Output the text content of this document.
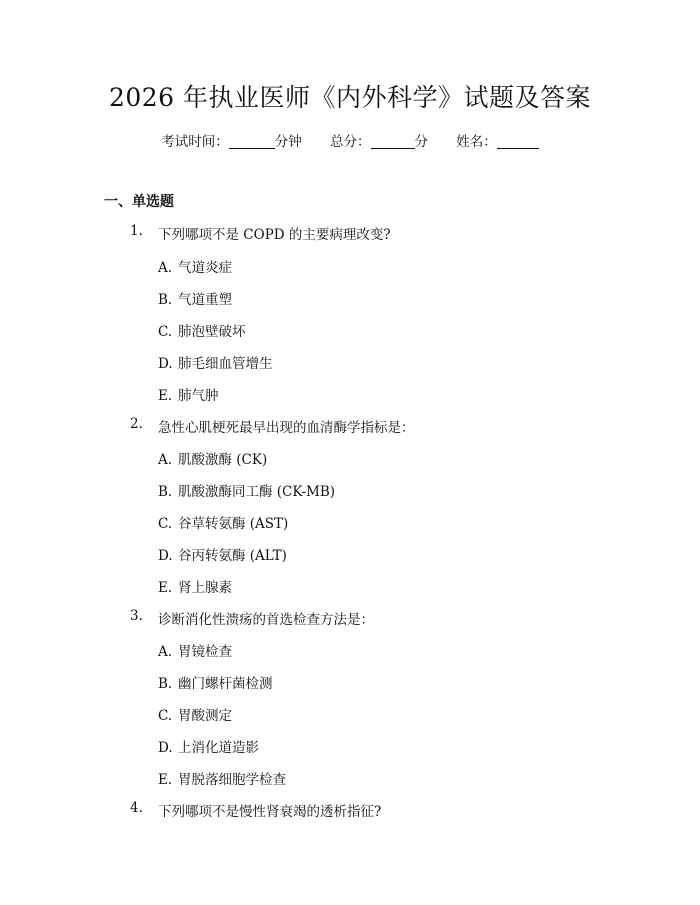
2026 年执业医师《内外科学》试题及答案
考试时间：	分钟 总分：	分 姓名：
一、单选题
1. 下列哪项不是 COPD 的主要病理改变?
A. 气道炎症
B. 气道重塑
C. 肺泡壁破坏
D. 肺毛细血管增生
E. 肺气肿
2. 急性心肌梗死最早出现的血清酶学指标是：
A. 肌酸激酶 (CK)
B. 肌酸激酶同工酶 (CK-MB)
C. 谷草转氨酶 (AST)
D. 谷丙转氨酶 (ALT)
E. 肾上腺素
3. 诊断消化性溃疡的首选检查方法是：
A. 胃镜检查
B. 幽门螺杆菌检测
C. 胃酸测定
D. 上消化道造影
E. 胃脱落细胞学检查
4. 下列哪项不是慢性肾衰竭的透析指征?
